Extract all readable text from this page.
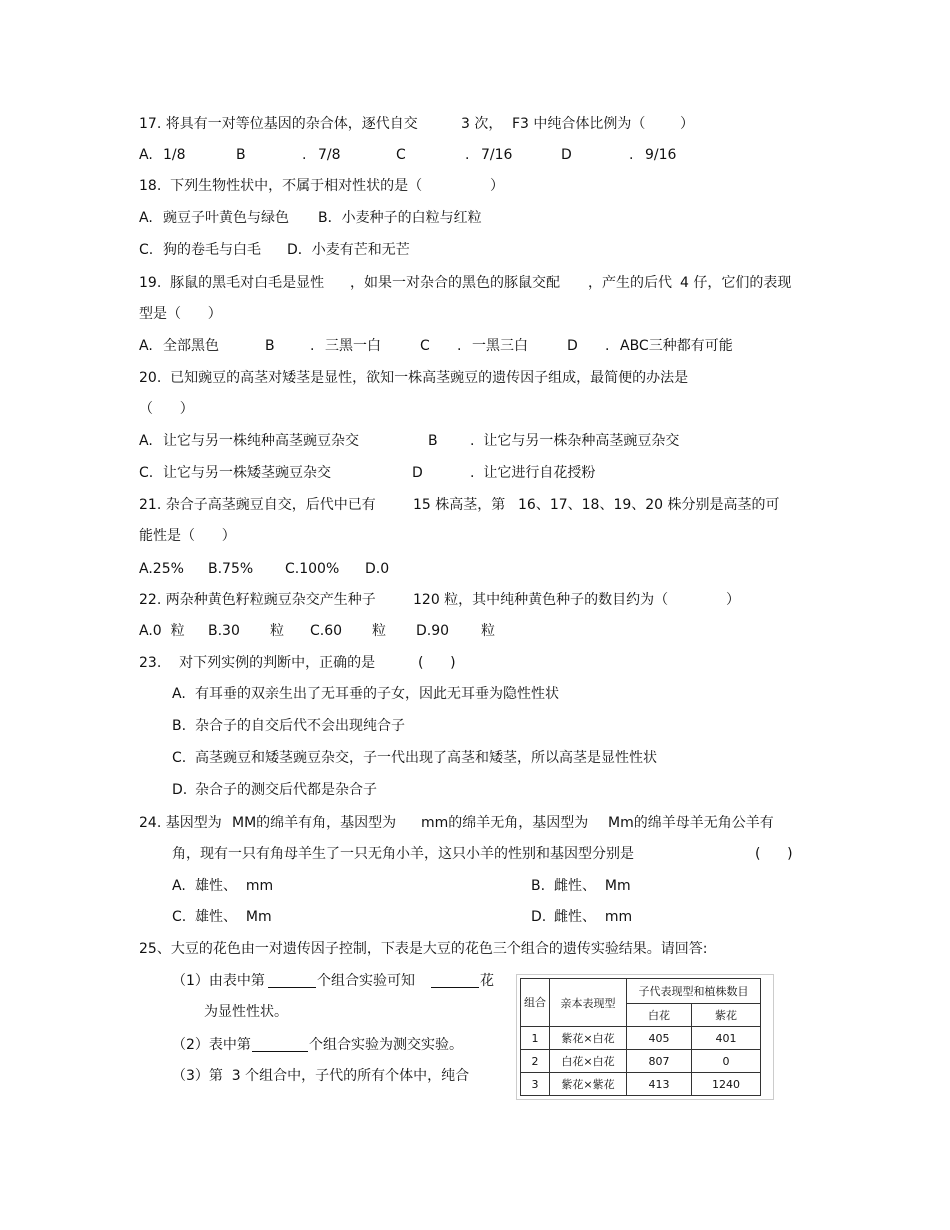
17. 将具有一对等位基因的杂合体，逐代自交	3 次， F3 中纯合体比例为（ ）
A. 1/8	B	. 7/8	C	. 7/16	D	. 9/16
18.  下列生物性状中，不属于相对性状的是（	）
A. 豌豆子叶黄色与绿色 B．小麦种子的白粒与红粒
C. 狗的卷毛与白毛 D．小麦有芒和无芒
19.  豚鼠的黑毛对白毛是显性 ，如果一对杂合的黑色的豚鼠交配 ，产生的后代 4 仔，它们的表现
型是（      ）
A. 全部黑色	B	. 三黑一白	C . 一黑三白	D . ABC三种都有可能
20.  已知豌豆的高茎对矮茎是显性，欲知一株高茎豌豆的遗传因子组成，最简便的办法是
（      ）
A. 让它与另一株纯种高茎豌豆杂交	B .  让它与另一株杂种高茎豌豆杂交
C. 让它与另一株矮茎豌豆杂交	D	.  让它进行自花授粉
21. 杂合子高茎豌豆自交，后代中已有	15 株高茎，第 16、17、18、19、20 株分别是高茎的可
能性是（      ）
A.25% B.75% C.100% D.0
22. 两杂种黄色籽粒豌豆杂交产生种子	120 粒，其中纯种黄色种子的数目约为（	）
A.0  粒 B.30 粒 C.60 粒 D.90 粒
23.    对下列实例的判断中，正确的是	(      )
A. 有耳垂的双亲生出了无耳垂的子女，因此无耳垂为隐性性状
B. 杂合子的自交后代不会出现纯合子
C. 高茎豌豆和矮茎豌豆杂交，子一代出现了高茎和矮茎，所以高茎是显性性状
D. 杂合子的测交后代都是杂合子
24. 基因型为 MM的绵羊有角，基因型为 mm的绵羊无角，基因型为 Mm的绵羊母羊无角公羊有
角，现有一只有角母羊生了一只无角小羊，这只小羊的性别和基因型分别是	(      )
A. 雄性、  mm	B. 雌性、  Mm
C. 雄性、  Mm	D. 雌性、  mm
25、大豆的花色由一对遗传因子控制，下表是大豆的花色三个组合的遗传实验结果。请回答:
（1）由表中第	个组合实验可知	花
为显性性状。
（2）表中第	个组合实验为测交实验。
（3）第  3 个组合中，子代的所有个体中，纯合
组合	亲本表现型	子代表现型和植株数目	
		白花	紫花
1	紫花×白花	405	401
2	白花×白花	807	0
3	紫花×紫花	413	1240
